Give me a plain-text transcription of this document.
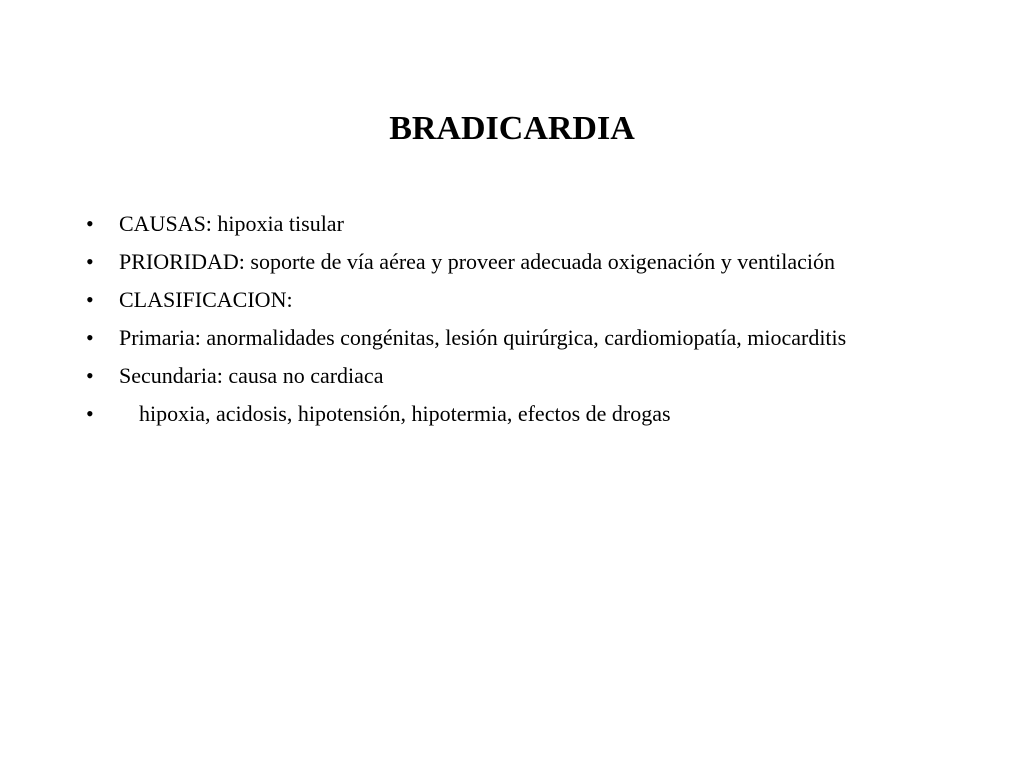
BRADICARDIA
• CAUSAS: hipoxia tisular
• PRIORIDAD: soporte de vía aérea y proveer adecuada oxigenación y ventilación
• CLASIFICACION:
• Primaria: anormalidades congénitas, lesión quirúrgica, cardiomiopatía, miocarditis
• Secundaria: causa no cardiaca
•	hipoxia, acidosis, hipotensión, hipotermia, efectos de drogas
